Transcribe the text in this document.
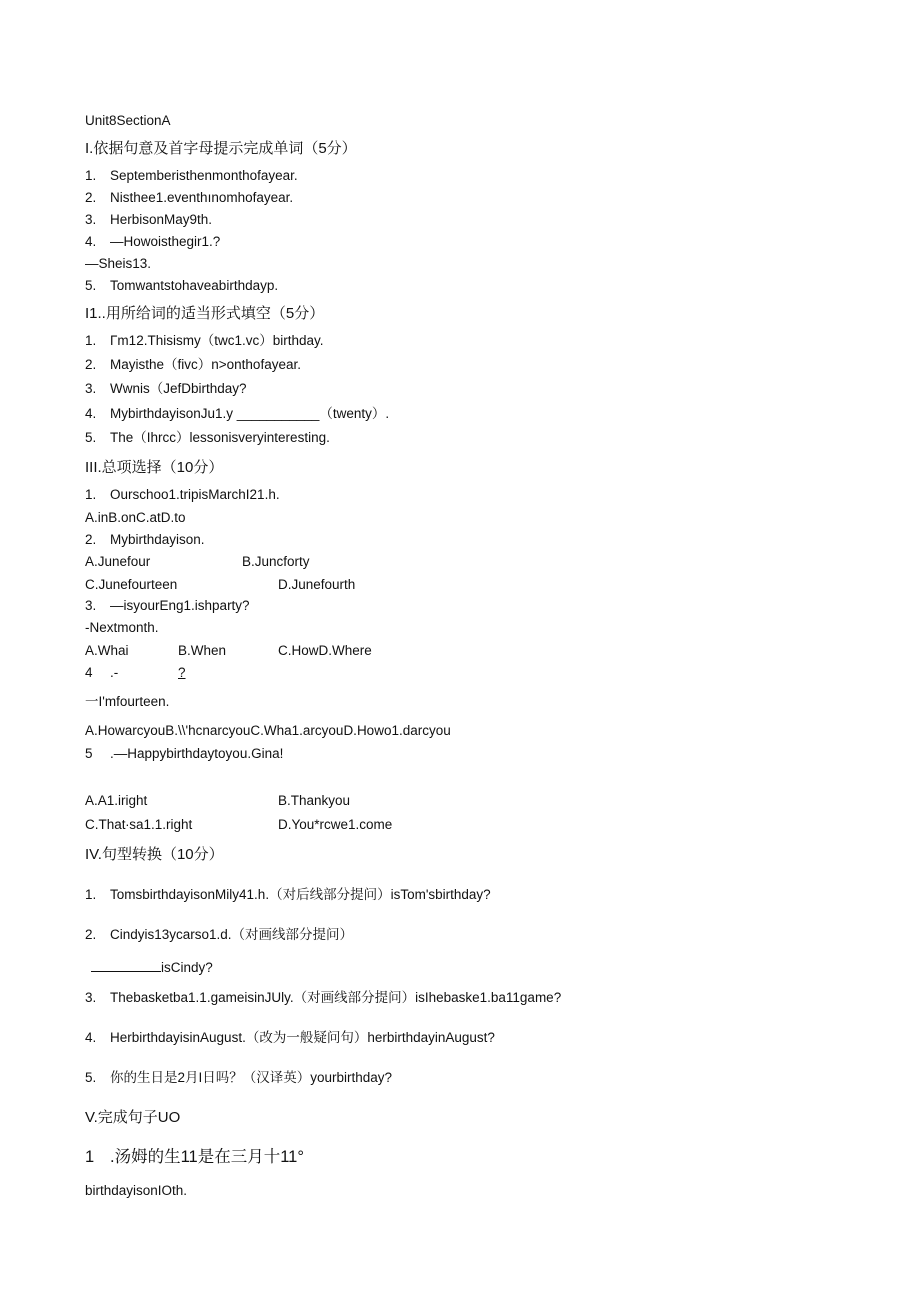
Unit8SectionA
I.依据句意及首字母提示完成单词（5分）
1. Septemberisthenmonthofayear.
2. Nisthee1.eventhınomhofayear.
3. HerbisonMay9th.
4. —Howoisthegir1.?
—Sheis13.
5. Tomwantstohaveabirthdayp.
I1..用所给词的适当形式填空（5分）
1. Γm12.Thisismy（twc1.vc）birthday.
2. Mayisthe（fivc）n>onthofayear.
3. Wwnis（JefDbirthday?
4. MybirthdayisonJu1.y ___________（twenty）.
5. The（Ihrcc）lessonisveryinteresting.
III.总项选择（10分）
1. Ourschoo1.tripisMarchI21.h.
A.inB.onC.atD.to
2. Mybirthdayison.
A.Junefour	B.Juncforty
C.Junefourteen	D.Junefourth
3. —isyourEng1.ishparty?
-Nextmonth.
A.Whai	B.When	C.HowD.Where
4 .-	?
一I'mfourteen.
A.HowarcyouB.\\'hcnarcyouC.Wha1.arcyouD.Howo1.darcyou
5 .—Happybirthdaytoyou.Gina!
A.A1.iright	B.Thankyou
C.That∙sa1.1.right	D.You*rcwe1.come
IV.句型转换（10分）
1. TomsbirthdayisonMily41.h.（对后线部分提问）isTom'sbirthday?
2. Cindyis13ycarso1.d.（对画线部分提问）
isCindy?
3. Thebasketba1.1.gameisinJUly.（对画线部分提问）isIhebaske1.ba11game?
4. HerbirthdayisinAugust.（改为一般疑问句）herbirthdayinAugust?
5. 你的生日是2月I日吗？（汉译英）yourbirthday?
V.完成句子UO
1 .汤姆的生11是在三月十11°
birthdayisonIOth.
